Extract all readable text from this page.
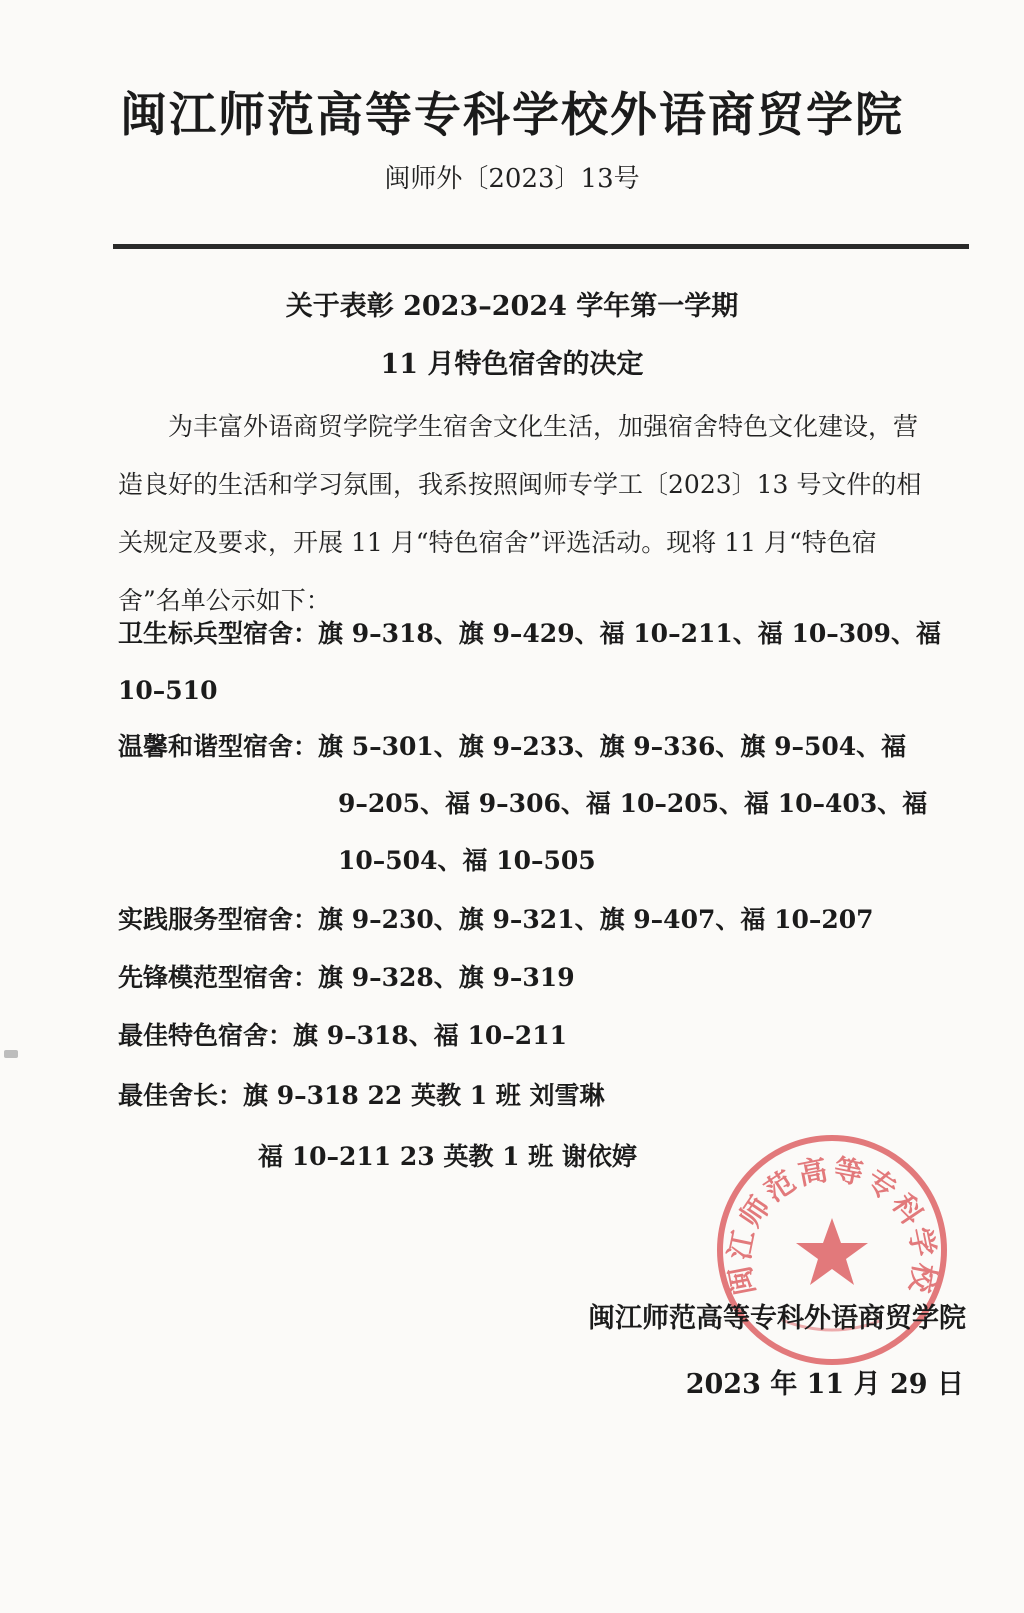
闽江师范高等专科学校外语商贸学院
闽师外〔2023〕13号
关于表彰 2023–2024 学年第一学期
11 月特色宿舍的决定

为丰富外语商贸学院学生宿舍文化生活，加强宿舍特色文化建设，营造良好的生活和学习氛围，我系按照闽师专学工〔2023〕13 号文件的相关规定及要求，开展 11 月“特色宿舍”评选活动。现将 11 月“特色宿舍”名单公示如下：

卫生标兵型宿舍：旗 9–318、旗 9–429、福 10–211、福 10–309、福
10–510
温馨和谐型宿舍：旗 5–301、旗 9–233、旗 9–336、旗 9–504、福
9–205、福 9–306、福 10–205、福 10–403、福
10–504、福 10–505
实践服务型宿舍：旗 9–230、旗 9–321、旗 9–407、福 10–207
先锋模范型宿舍：旗 9–328、旗 9–319
最佳特色宿舍：旗 9–318、福 10–211
最佳舍长：旗 9–318 22 英教 1 班 刘雪琳
福 10–211 23 英教 1 班 谢依婷
闽江师范高等专科学校
闽江师范高等专科外语商贸学院
2023 年 11 月 29 日
